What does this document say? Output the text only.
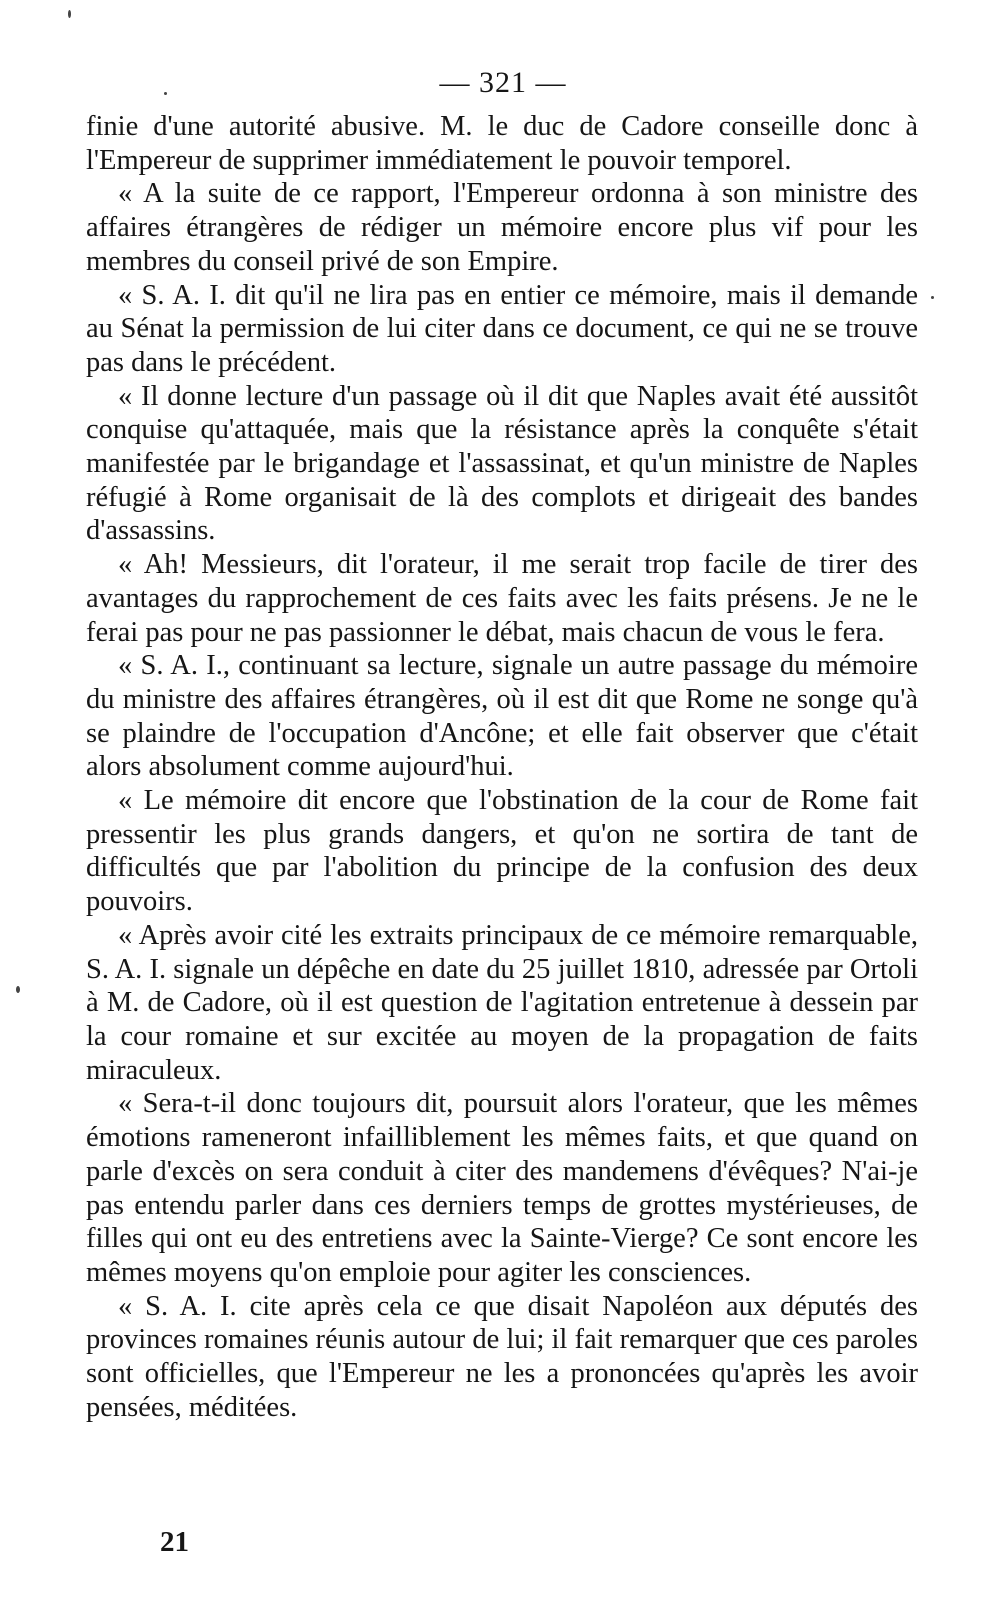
— 321 —

finie d'une autorité abusive. M. le duc de Cadore conseille donc à l'Empereur de supprimer immédiatement le pouvoir temporel.

« A la suite de ce rapport, l'Empereur ordonna à son ministre des affaires étrangères de rédiger un mémoire encore plus vif pour les membres du conseil privé de son Empire.

« S. A. I. dit qu'il ne lira pas en entier ce mémoire, mais il demande au Sénat la permission de lui citer dans ce document, ce qui ne se trouve pas dans le précédent.

« Il donne lecture d'un passage où il dit que Naples avait été aussitôt conquise qu'attaquée, mais que la résistance après la conquête s'était manifestée par le brigandage et l'assassinat, et qu'un ministre de Naples réfugié à Rome organisait de là des complots et dirigeait des bandes d'assassins.

« Ah! Messieurs, dit l'orateur, il me serait trop facile de tirer des avantages du rapprochement de ces faits avec les faits présens. Je ne le ferai pas pour ne pas passionner le débat, mais chacun de vous le fera.

« S. A. I., continuant sa lecture, signale un autre passage du mémoire du ministre des affaires étrangères, où il est dit que Rome ne songe qu'à se plaindre de l'occupation d'Ancône; et elle fait observer que c'était alors absolument comme aujourd'hui.

« Le mémoire dit encore que l'obstination de la cour de Rome fait pressentir les plus grands dangers, et qu'on ne sortira de tant de difficultés que par l'abolition du principe de la confusion des deux pouvoirs.

« Après avoir cité les extraits principaux de ce mémoire remarquable, S. A. I. signale un dépêche en date du 25 juillet 1810, adressée par Ortoli à M. de Cadore, où il est question de l'agitation entretenue à dessein par la cour romaine et sur excitée au moyen de la propagation de faits miraculeux.

« Sera-t-il donc toujours dit, poursuit alors l'orateur, que les mêmes émotions rameneront infailliblement les mêmes faits, et que quand on parle d'excès on sera conduit à citer des mandemens d'évêques? N'ai-je pas entendu parler dans ces derniers temps de grottes mystérieuses, de filles qui ont eu des entretiens avec la Sainte-Vierge? Ce sont encore les mêmes moyens qu'on emploie pour agiter les consciences.

« S. A. I. cite après cela ce que disait Napoléon aux députés des provinces romaines réunis autour de lui; il fait remarquer que ces paroles sont officielles, que l'Empereur ne les a prononcées qu'après les avoir pensées, méditées.

21
